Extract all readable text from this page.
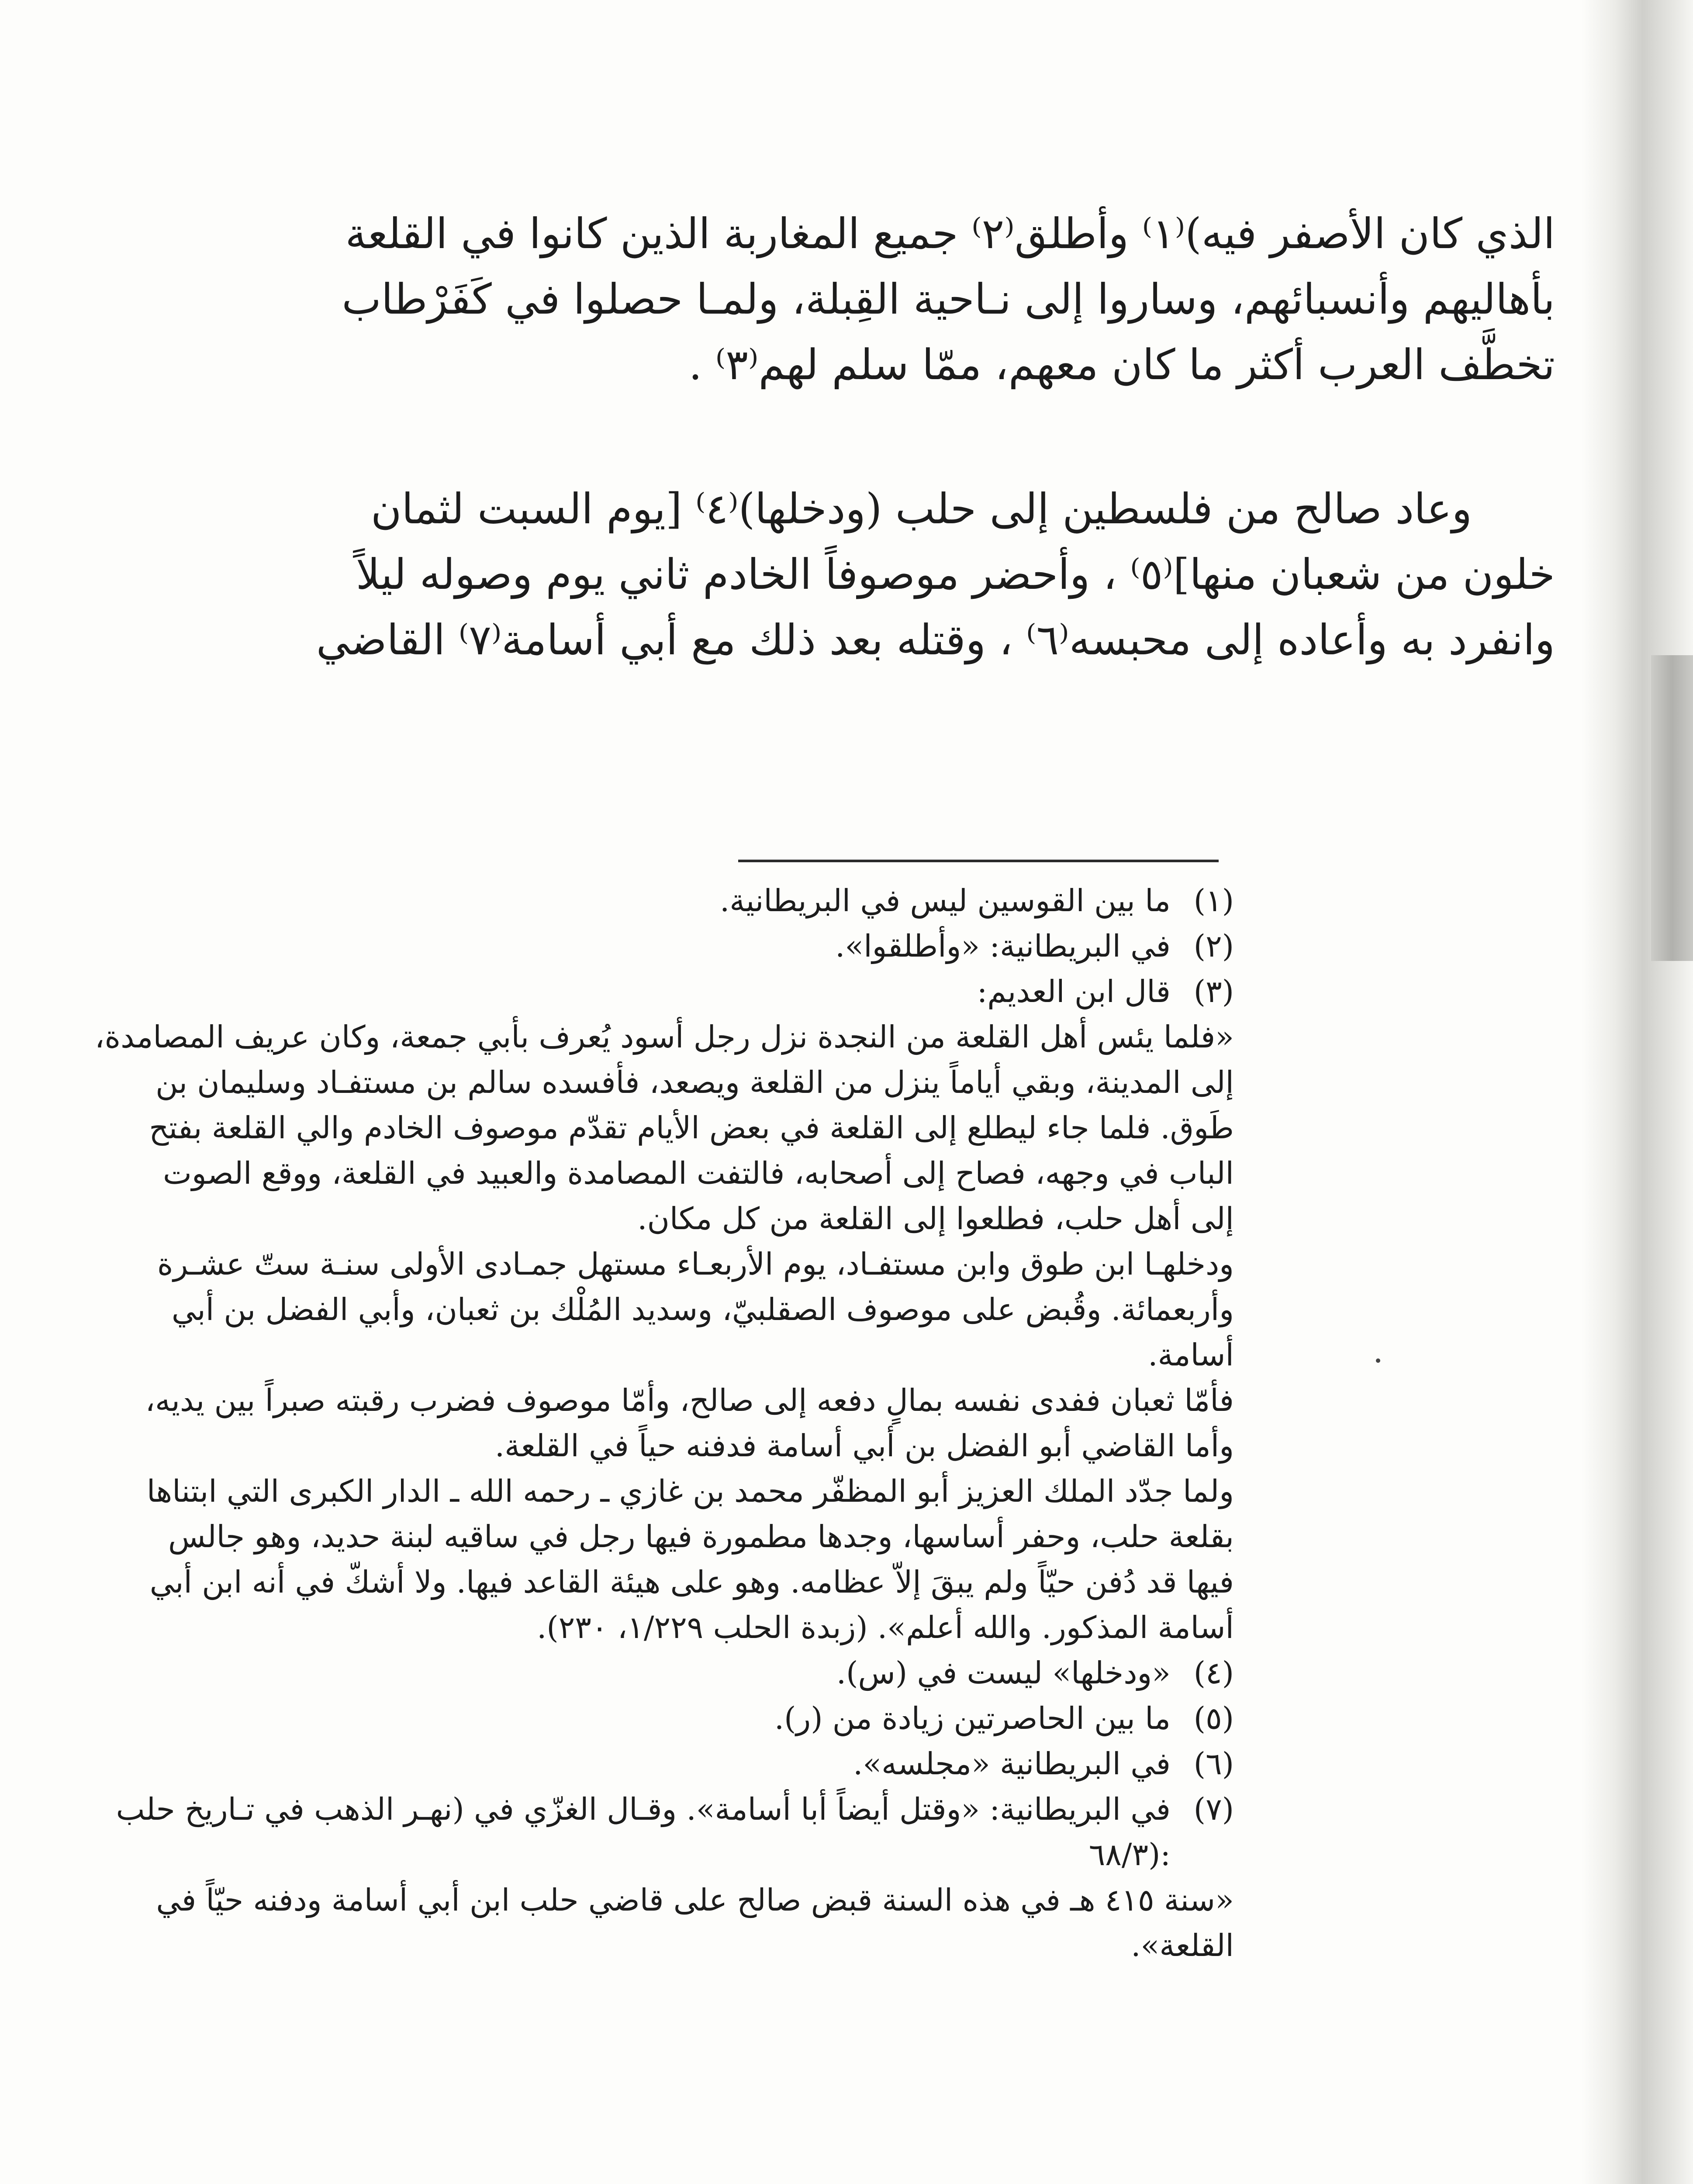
الذي كان الأصفر فيه)⁽١⁾ وأطلق⁽٢⁾ جميع المغاربة الذين كانوا في القلعة
بأهاليهم وأنسبائهم، وساروا إلى نـاحية القِبلة، ولمـا حصلوا في كَفَرْطاب
تخطَّف العرب أكثر ما كان معهم، ممّا سلم لهم⁽٣⁾ .
وعاد صالح من فلسطين إلى حلب (ودخلها)⁽٤⁾ [يوم السبت لثمان
خلون من شعبان منها]⁽٥⁾ ، وأحضر موصوفاً الخادم ثاني يوم وصوله ليلاً
وانفرد به وأعاده إلى محبسه⁽٦⁾ ، وقتله بعد ذلك مع أبي أسامة⁽٧⁾ القاضي
(١)ما بين القوسين ليس في البريطانية.
(٢)في البريطانية: «وأطلقوا».
(٣)قال ابن العديم:
«فلما يئس أهل القلعة من النجدة نزل رجل أسود يُعرف بأبي جمعة، وكان عريف المصامدة،
إلى المدينة، وبقي أياماً ينزل من القلعة ويصعد، فأفسده سالم بن مستفـاد وسليمان بن
طَوق. فلما جاء ليطلع إلى القلعة في بعض الأيام تقدّم موصوف الخادم والي القلعة بفتح
الباب في وجهه، فصاح إلى أصحابه، فالتفت المصامدة والعبيد في القلعة، ووقع الصوت
إلى أهل حلب، فطلعوا إلى القلعة من كل مكان.
ودخلهـا ابن طوق وابن مستفـاد، يوم الأربعـاء مستهل جمـادى الأولى سنـة ستّ عشـرة
وأربعمائة. وقُبض على موصوف الصقلبيّ، وسديد المُلْك بن ثعبان، وأبي الفضل بن أبي
أسامة.
فأمّا ثعبان ففدى نفسه بمالٍ دفعه إلى صالح، وأمّا موصوف فضرب رقبته صبراً بين يديه،
وأما القاضي أبو الفضل بن أبي أسامة فدفنه حياً في القلعة.
ولما جدّد الملك العزيز أبو المظفّر محمد بن غازي ـ رحمه الله ـ الدار الكبرى التي ابتناها
بقلعة حلب، وحفر أساسها، وجدها مطمورة فيها رجل في ساقيه لبنة حديد، وهو جالس
فيها قد دُفن حيّاً ولم يبقَ إلاّ عظامه. وهو على هيئة القاعد فيها. ولا أشكّ في أنه ابن أبي
أسامة المذكور. والله أعلم». (زبدة الحلب ١/٢٢٩، ٢٣٠).
(٤)«ودخلها» ليست في (س).
(٥)ما بين الحاصرتين زيادة من (ر).
(٦)في البريطانية «مجلسه».
(٧)في البريطانية: «وقتل أيضاً أبا أسامة». وقـال الغزّي في (نهـر الذهب في تـاريخ حلب
:(٦٨/٣
«سنة ٤١٥ هـ في هذه السنة قبض صالح على قاضي حلب ابن أبي أسامة ودفنه حيّاً في
القلعة».
